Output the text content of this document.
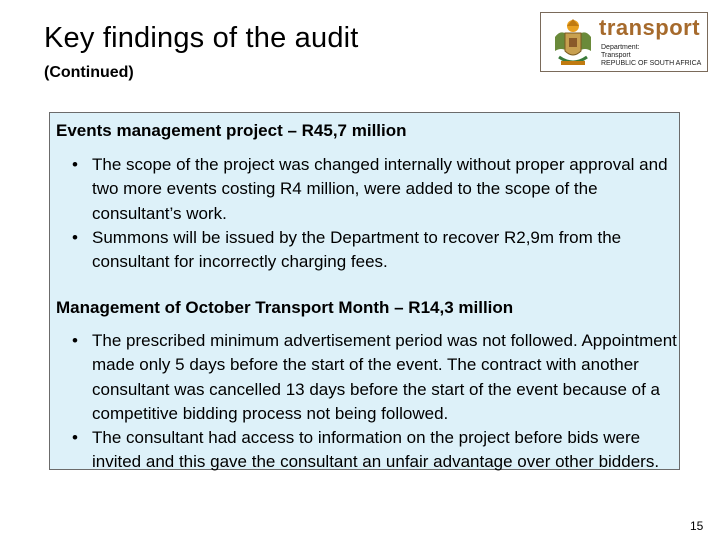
Key findings of the audit
(Continued)
transport
Department:
Transport
REPUBLIC OF SOUTH AFRICA
Events management project – R45,7 million
• The scope of the project was changed internally without proper approval and two more events costing R4 million, were added to the scope of the consultant’s work.
• Summons will be issued by the Department to recover R2,9m from the consultant for incorrectly charging fees.
Management of October Transport Month – R14,3 million
• The prescribed minimum advertisement period was not followed. Appointment made only 5 days before the start of the event. The contract with another consultant was cancelled 13 days before the start of the event because of a competitive bidding process not being followed.
• The consultant had access to information on the project before bids were invited and this gave the consultant an unfair advantage over other bidders.
15
